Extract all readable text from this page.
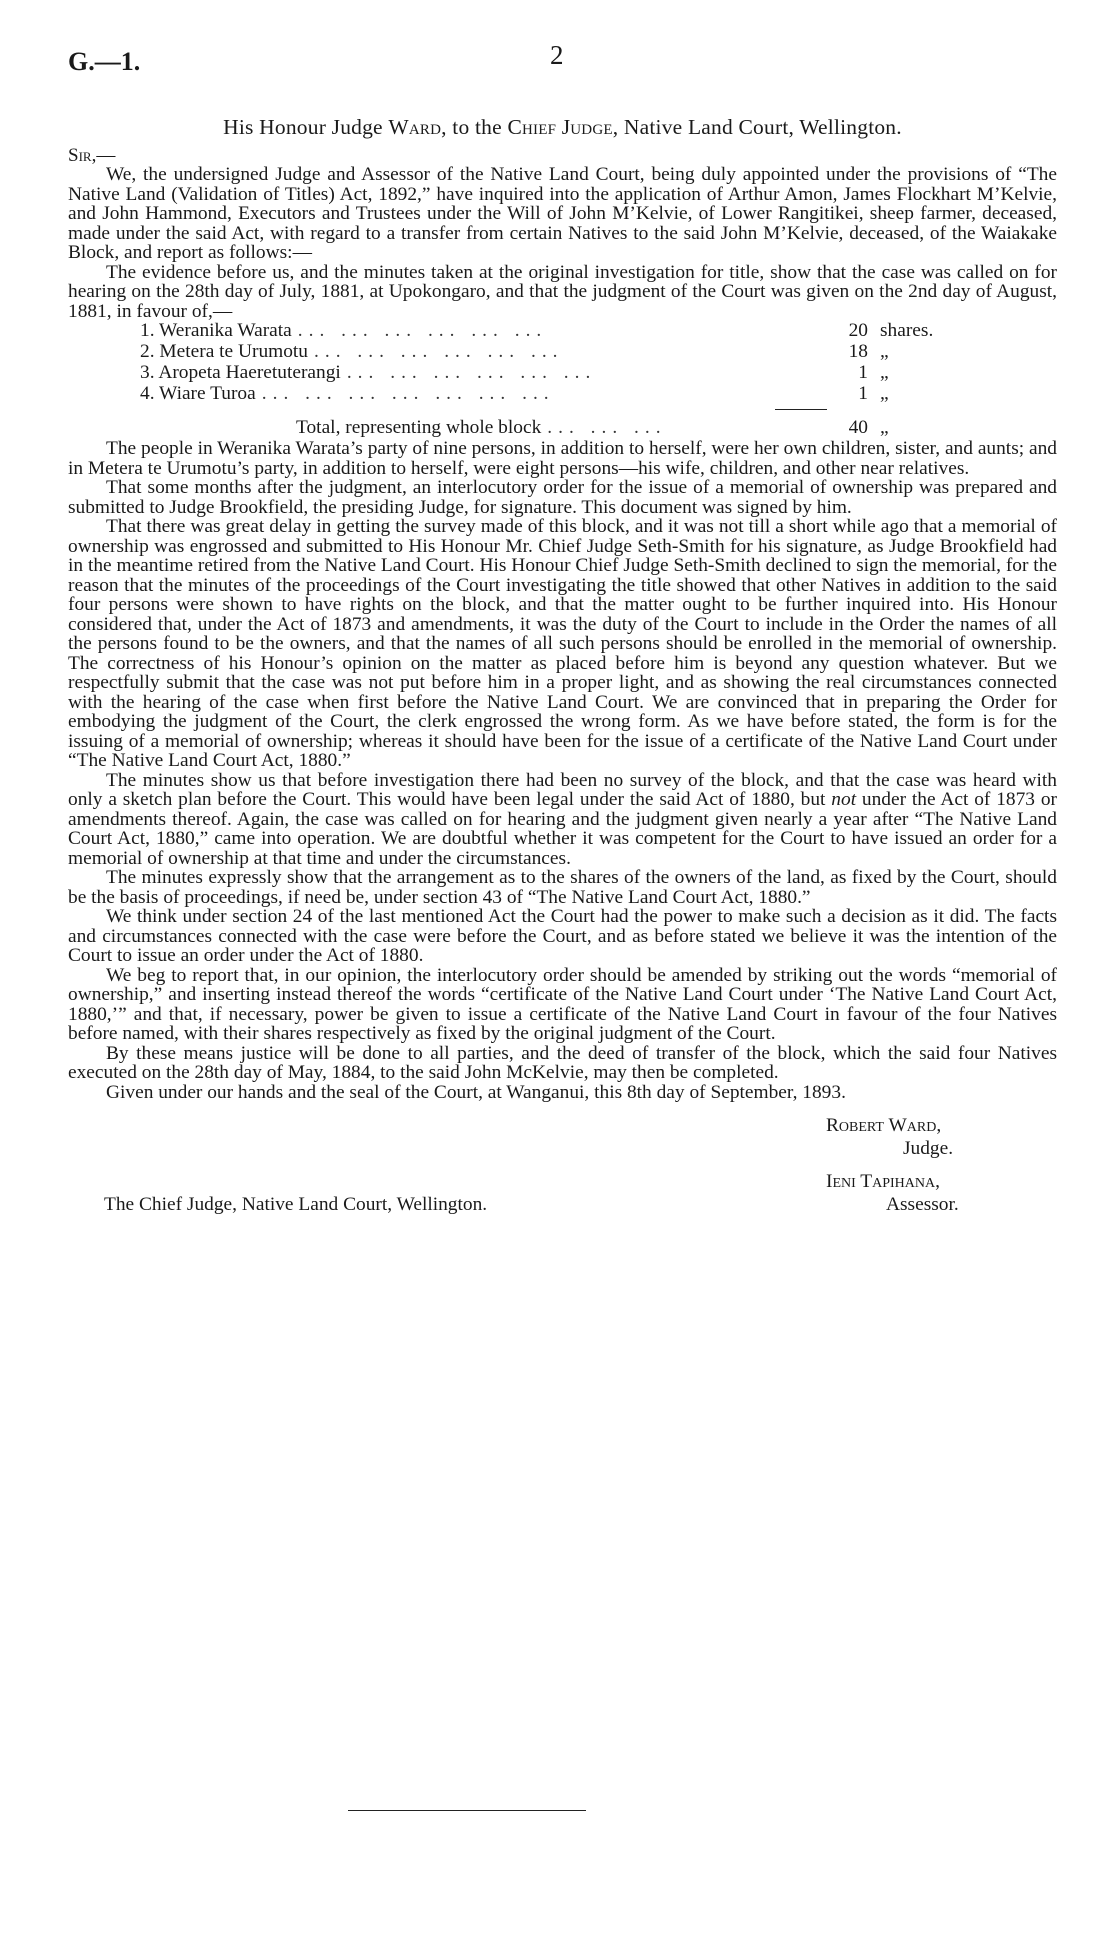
G.—1.	2
His Honour Judge Ward, to the Chief Judge, Native Land Court, Wellington.
Sir,—

We, the undersigned Judge and Assessor of the Native Land Court, being duly appointed under the provisions of “The Native Land (Validation of Titles) Act, 1892,” have inquired into the application of Arthur Amon, James Flockhart M’Kelvie, and John Hammond, Executors and Trustees under the Will of John M’Kelvie, of Lower Rangitikei, sheep farmer, deceased, made under the said Act, with regard to a transfer from certain Natives to the said John M’Kelvie, deceased, of the Waiakake Block, and report as follows:—

The evidence before us, and the minutes taken at the original investigation for title, show that the case was called on for hearing on the 28th day of July, 1881, at Upokongaro, and that the judgment of the Court was given on the 2nd day of August, 1881, in favour of,—

1. Weranika Warata ... ... ... ... ... ...	20 shares.
2. Metera te Urumotu ... ... ... ... ... ...	18 „
3. Aropeta Haeretuterangi ... ... ... ... ... ...	1 „
4. Wiare Turoa ... ... ... ... ... ... ...	1 „
Total, representing whole block ... ... ...	40 „

The people in Weranika Warata’s party of nine persons, in addition to herself, were her own children, sister, and aunts; and in Metera te Urumotu’s party, in addition to herself, were eight persons—his wife, children, and other near relatives.

That some months after the judgment, an interlocutory order for the issue of a memorial of ownership was prepared and submitted to Judge Brookfield, the presiding Judge, for signature. This document was signed by him.

That there was great delay in getting the survey made of this block, and it was not till a short while ago that a memorial of ownership was engrossed and submitted to His Honour Mr. Chief Judge Seth-Smith for his signature, as Judge Brookfield had in the meantime retired from the Native Land Court. His Honour Chief Judge Seth-Smith declined to sign the memorial, for the reason that the minutes of the proceedings of the Court investigating the title showed that other Natives in addition to the said four persons were shown to have rights on the block, and that the matter ought to be further inquired into. His Honour considered that, under the Act of 1873 and amendments, it was the duty of the Court to include in the Order the names of all the persons found to be the owners, and that the names of all such persons should be enrolled in the memorial of ownership. The correctness of his Honour’s opinion on the matter as placed before him is beyond any question whatever. But we respectfully submit that the case was not put before him in a proper light, and as showing the real circumstances connected with the hearing of the case when first before the Native Land Court. We are convinced that in preparing the Order for embodying the judgment of the Court, the clerk engrossed the wrong form. As we have before stated, the form is for the issuing of a memorial of ownership; whereas it should have been for the issue of a certificate of the Native Land Court under “The Native Land Court Act, 1880.”

The minutes show us that before investigation there had been no survey of the block, and that the case was heard with only a sketch plan before the Court. This would have been legal under the said Act of 1880, but not under the Act of 1873 or amendments thereof. Again, the case was called on for hearing and the judgment given nearly a year after “The Native Land Court Act, 1880,” came into operation. We are doubtful whether it was competent for the Court to have issued an order for a memorial of ownership at that time and under the circumstances.

The minutes expressly show that the arrangement as to the shares of the owners of the land, as fixed by the Court, should be the basis of proceedings, if need be, under section 43 of “The Native Land Court Act, 1880.”

We think under section 24 of the last mentioned Act the Court had the power to make such a decision as it did. The facts and circumstances connected with the case were before the Court, and as before stated we believe it was the intention of the Court to issue an order under the Act of 1880.

We beg to report that, in our opinion, the interlocutory order should be amended by striking out the words “memorial of ownership,” and inserting instead thereof the words “certificate of the Native Land Court under ‘The Native Land Court Act, 1880,’” and that, if necessary, power be given to issue a certificate of the Native Land Court in favour of the four Natives before named, with their shares respectively as fixed by the original judgment of the Court.

By these means justice will be done to all parties, and the deed of transfer of the block, which the said four Natives executed on the 28th day of May, 1884, to the said John McKelvie, may then be completed.

Given under our hands and the seal of the Court, at Wanganui, this 8th day of September, 1893.

Robert Ward,
Judge.
Ieni Tapihana,
Assessor.
The Chief Judge, Native Land Court, Wellington.
